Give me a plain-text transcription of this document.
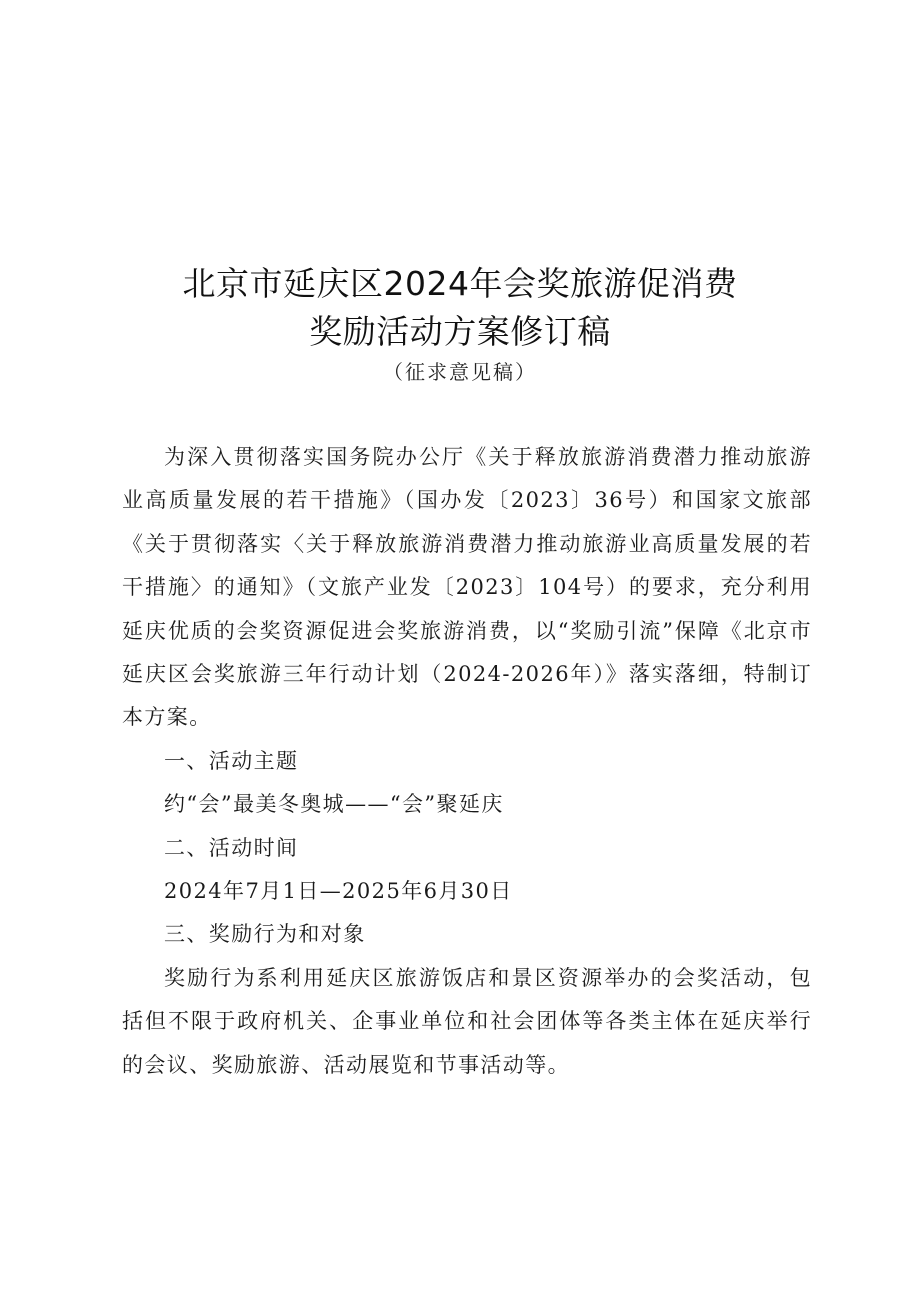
北京市延庆区2024年会奖旅游促消费
奖励活动方案修订稿
（征求意见稿）

为深入贯彻落实国务院办公厅《关于释放旅游消费潜力推动旅游业高质量发展的若干措施》（国办发〔2023〕36号）和国家文旅部《关于贯彻落实〈关于释放旅游消费潜力推动旅游业高质量发展的若干措施〉的通知》（文旅产业发〔2023〕104号）的要求，充分利用延庆优质的会奖资源促进会奖旅游消费，以“奖励引流”保障《北京市延庆区会奖旅游三年行动计划（2024-2026年）》落实落细，特制订本方案。

一、活动主题

约“会”最美冬奥城——“会”聚延庆

二、活动时间

2024年7月1日—2025年6月30日

三、奖励行为和对象

奖励行为系利用延庆区旅游饭店和景区资源举办的会奖活动，包括但不限于政府机关、企事业单位和社会团体等各类主体在延庆举行的会议、奖励旅游、活动展览和节事活动等。
